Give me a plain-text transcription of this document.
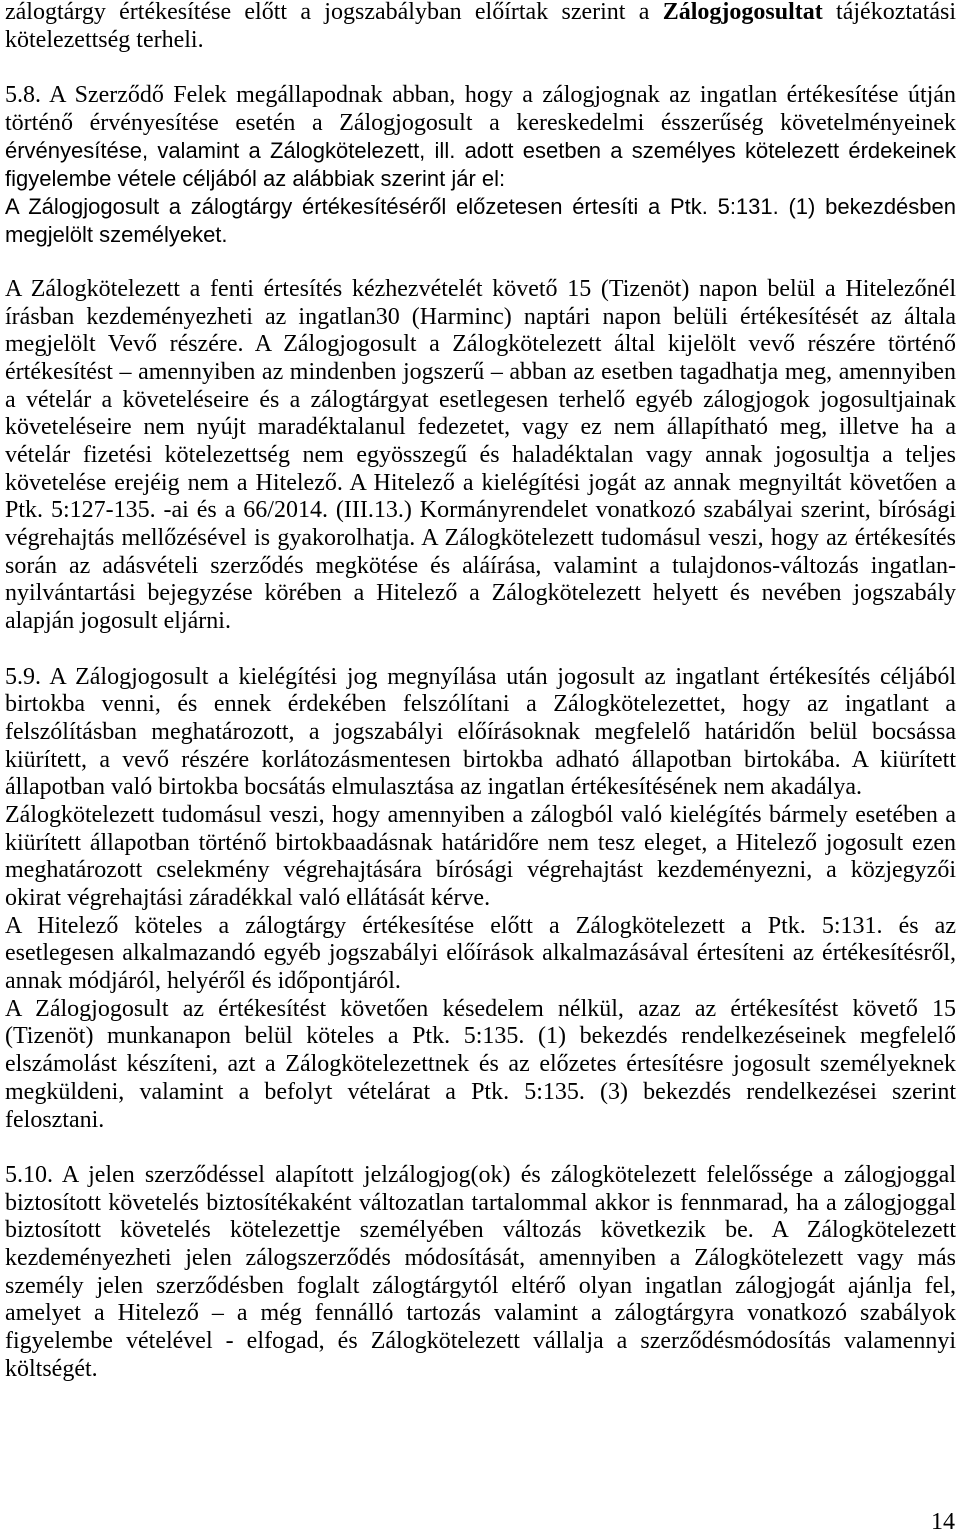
zálogtárgy értékesítése előtt a jogszabályban előírtak szerint a Zálogjogosultat tájékoztatási
kötelezettség terheli.
5.8. A Szerződő Felek megállapodnak abban, hogy a zálogjognak az ingatlan értékesítése útján
történő érvényesítése esetén a Zálogjogosult a kereskedelmi ésszerűség követelményeinek
érvényesítése, valamint a Zálogkötelezett, ill. adott esetben a személyes kötelezett érdekeinek
figyelembe vétele céljából az alábbiak szerint jár el:
A Zálogjogosult a zálogtárgy értékesítéséről előzetesen értesíti a Ptk. 5:131. (1) bekezdésben
megjelölt személyeket.
A Zálogkötelezett a fenti értesítés kézhezvételét követő 15 (Tizenöt) napon belül a Hitelezőnél
írásban kezdeményezheti az ingatlan30 (Harminc) naptári napon belüli értékesítését az általa
megjelölt Vevő részére. A Zálogjogosult a Zálogkötelezett által kijelölt vevő részére történő
értékesítést – amennyiben az mindenben jogszerű – abban az esetben tagadhatja meg, amennyiben
a vételár a követeléseire és a zálogtárgyat esetlegesen terhelő egyéb zálogjogok jogosultjainak
követeléseire nem nyújt maradéktalanul fedezetet, vagy ez nem állapítható meg, illetve ha a
vételár fizetési kötelezettség nem egyösszegű és haladéktalan vagy annak jogosultja a teljes
követelése erejéig nem a Hitelező. A Hitelező a kielégítési jogát az annak megnyiltát követően a
Ptk. 5:127-135. -ai és a 66/2014. (III.13.) Kormányrendelet vonatkozó szabályai szerint, bírósági
végrehajtás mellőzésével is gyakorolhatja. A Zálogkötelezett tudomásul veszi, hogy az értékesítés
során az adásvételi szerződés megkötése és aláírása, valamint a tulajdonos-változás ingatlan-
nyilvántartási bejegyzése körében a Hitelező a Zálogkötelezett helyett és nevében jogszabály
alapján jogosult eljárni.
5.9. A Zálogjogosult a kielégítési jog megnyílása után jogosult az ingatlant értékesítés céljából
birtokba venni, és ennek érdekében felszólítani a Zálogkötelezettet, hogy az ingatlant a
felszólításban meghatározott, a jogszabályi előírásoknak megfelelő határidőn belül bocsássa
kiürített, a vevő részére korlátozásmentesen birtokba adható állapotban birtokába. A kiürített
állapotban való birtokba bocsátás elmulasztása az ingatlan értékesítésének nem akadálya.
Zálogkötelezett tudomásul veszi, hogy amennyiben a zálogból való kielégítés bármely esetében a
kiürített állapotban történő birtokbaadásnak határidőre nem tesz eleget, a Hitelező jogosult ezen
meghatározott cselekmény végrehajtására bírósági végrehajtást kezdeményezni, a közjegyzői
okirat végrehajtási záradékkal való ellátását kérve.
A Hitelező köteles a zálogtárgy értékesítése előtt a Zálogkötelezett a Ptk. 5:131. és az
esetlegesen alkalmazandó egyéb jogszabályi előírások alkalmazásával értesíteni az értékesítésről,
annak módjáról, helyéről és időpontjáról.
A Zálogjogosult az értékesítést követően késedelem nélkül, azaz az értékesítést követő 15
(Tizenöt) munkanapon belül köteles a Ptk. 5:135. (1) bekezdés rendelkezéseinek megfelelő
elszámolást készíteni, azt a Zálogkötelezettnek és az előzetes értesítésre jogosult személyeknek
megküldeni, valamint a befolyt vételárat a Ptk. 5:135. (3) bekezdés rendelkezései szerint
felosztani.
5.10. A jelen szerződéssel alapított jelzálogjog(ok) és zálogkötelezett felelőssége a zálogjoggal
biztosított követelés biztosítékaként változatlan tartalommal akkor is fennmarad, ha a zálogjoggal
biztosított követelés kötelezettje személyében változás következik be. A Zálogkötelezett
kezdeményezheti jelen zálogszerződés módosítását, amennyiben a Zálogkötelezett vagy más
személy jelen szerződésben foglalt zálogtárgytól eltérő olyan ingatlan zálogjogát ajánlja fel,
amelyet a Hitelező – a még fennálló tartozás valamint a zálogtárgyra vonatkozó szabályok
figyelembe vételével - elfogad, és Zálogkötelezett vállalja a szerződésmódosítás valamennyi
költségét.
14
